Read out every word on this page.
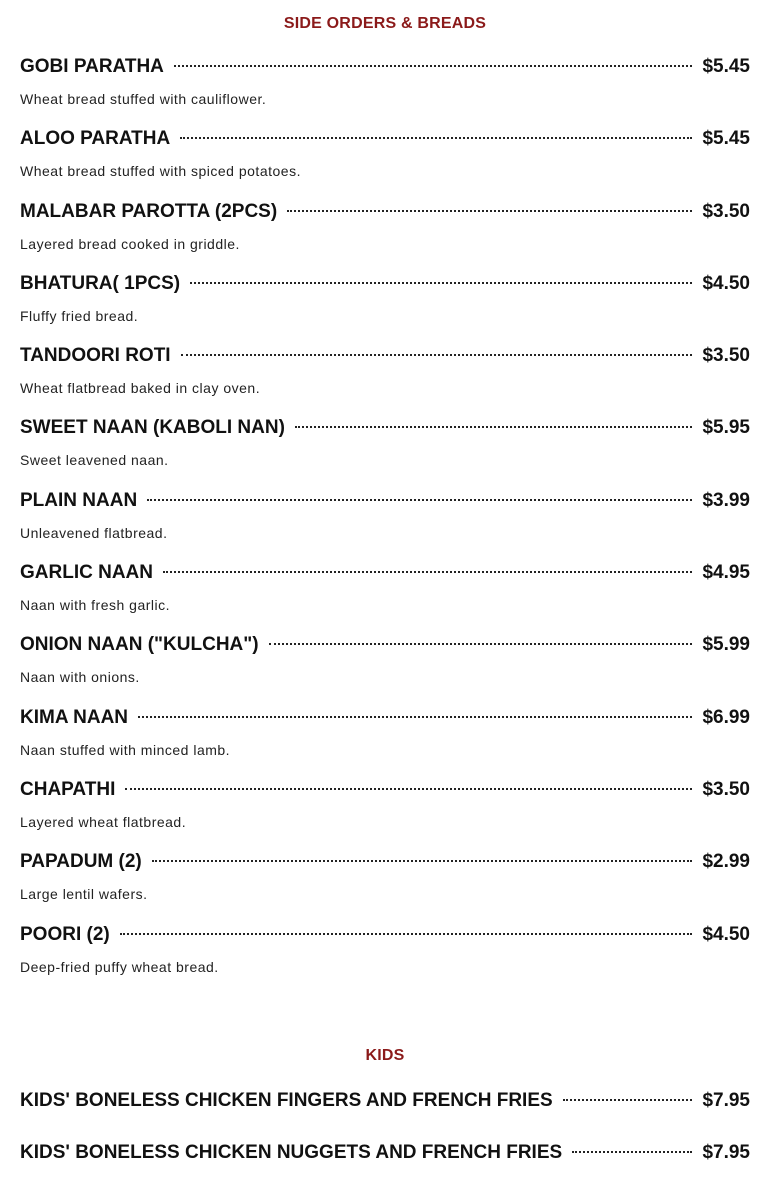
SIDE ORDERS & BREADS
GOBI PARATHA	$5.45
Wheat bread stuffed with cauliflower.
ALOO PARATHA	$5.45
Wheat bread stuffed with spiced potatoes.
MALABAR PAROTTA (2PCS)	$3.50
Layered bread cooked in griddle.
BHATURA( 1PCS)	$4.50
Fluffy fried bread.
TANDOORI ROTI	$3.50
Wheat flatbread baked in clay oven.
SWEET NAAN (KABOLI NAN)	$5.95
Sweet leavened naan.
PLAIN NAAN	$3.99
Unleavened flatbread.
GARLIC NAAN	$4.95
Naan with fresh garlic.
ONION NAAN ("KULCHA")	$5.99
Naan with onions.
KIMA NAAN	$6.99
Naan stuffed with minced lamb.
CHAPATHI	$3.50
Layered wheat flatbread.
PAPADUM (2)	$2.99
Large lentil wafers.
POORI (2)	$4.50
Deep-fried puffy wheat bread.
KIDS
KIDS' BONELESS CHICKEN FINGERS AND FRENCH FRIES	$7.95
KIDS' BONELESS CHICKEN NUGGETS AND FRENCH FRIES	$7.95
